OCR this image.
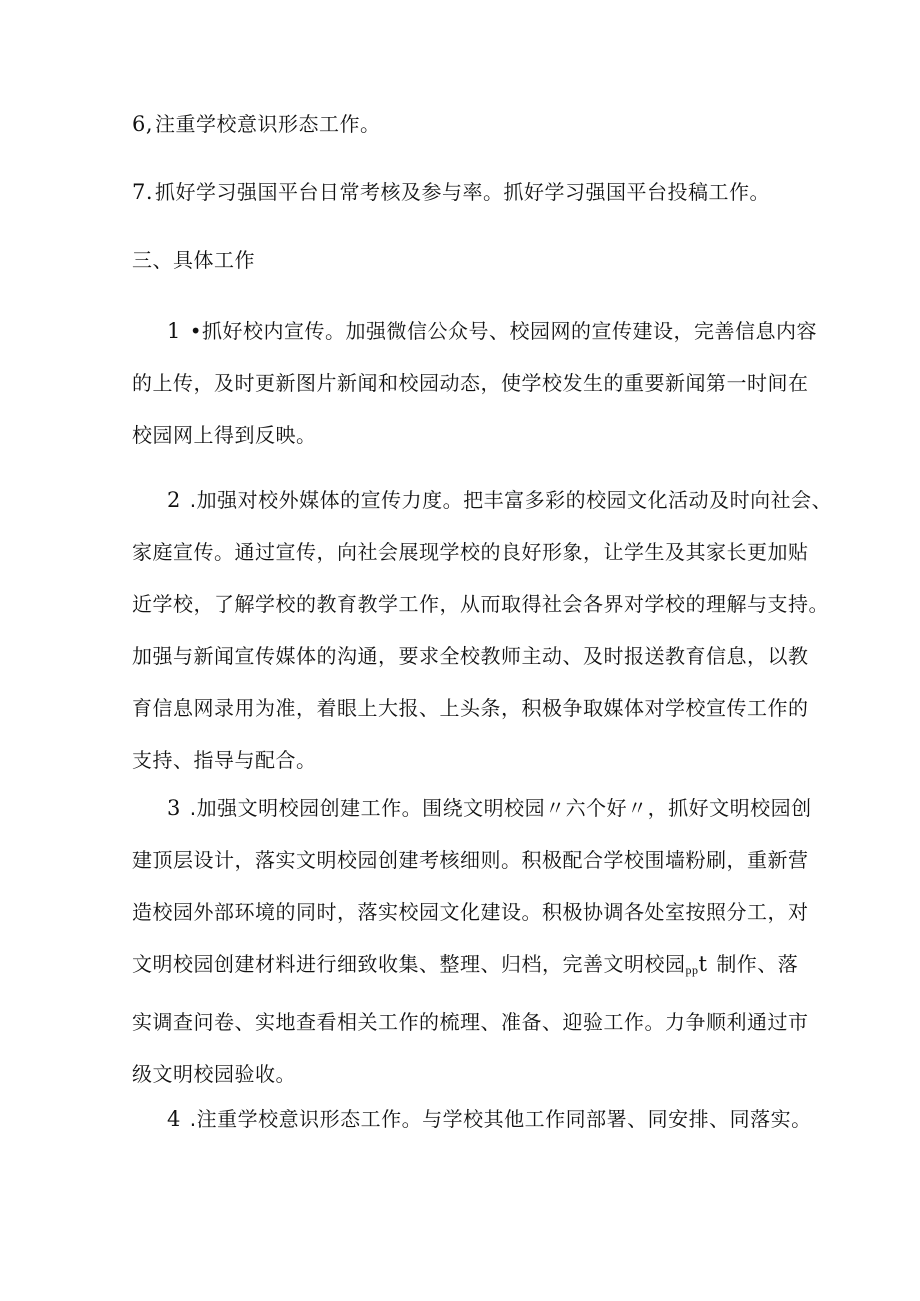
6, 注重学校意识形态工作。

7. 抓好学习强国平台日常考核及参与率。抓好学习强国平台投稿工作。

三、具体工作

1 •抓好校内宣传。加强微信公众号、校园网的宣传建设，完善信息内容
的上传，及时更新图片新闻和校园动态，使学校发生的重要新闻第一时间在
校园网上得到反映。

2 .加强对校外媒体的宣传力度。把丰富多彩的校园文化活动及时向社会、
家庭宣传。通过宣传，向社会展现学校的良好形象，让学生及其家长更加贴
近学校，了解学校的教育教学工作，从而取得社会各界对学校的理解与支持。
加强与新闻宣传媒体的沟通，要求全校教师主动、及时报送教育信息，以教
育信息网录用为准，着眼上大报、上头条，积极争取媒体对学校宣传工作的
支持、指导与配合。

3 .加强文明校园创建工作。围绕文明校园〃六个好〃，抓好文明校园创
建顶层设计，落实文明校园创建考核细则。积极配合学校围墙粉刷，重新营
造校园外部环境的同时，落实校园文化建设。积极协调各处室按照分工，对
文明校园创建材料进行细致收集、整理、归档，完善文明校园ppt 制作、落
实调查问卷、实地查看相关工作的梳理、准备、迎验工作。力争顺利通过市
级文明校园验收。

4 .注重学校意识形态工作。与学校其他工作同部署、同安排、同落实。
